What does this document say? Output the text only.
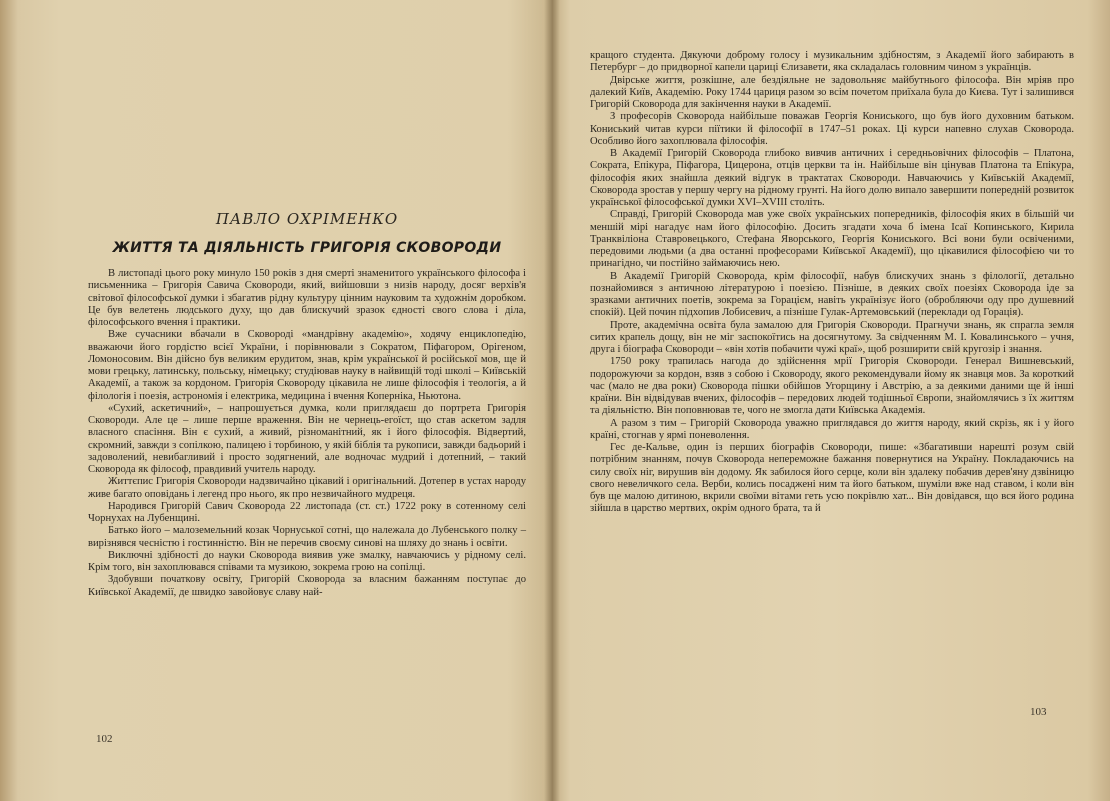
ПАВЛО ОХРІМЕНКО
ЖИТТЯ ТА ДІЯЛЬНІСТЬ ГРИГОРІЯ СКОВОРОДИ

В листопаді цього року минуло 150 років з дня смерті знаменитого українського філософа і письменника – Григорія Савича Сковороди, який, вийшовши з низів народу, досяг верхів'я світової філософської думки і збагатив рідну культуру цінним науковим та художнім доробком. Це був велетень людського духу, що дав блискучий зразок єдності свого слова і діла, філософського вчення і практики.

Вже сучасники вбачали в Сковороді «мандрівну академію», ходячу енциклопедію, вважаючи його гордістю всієї України, і порівнювали з Сократом, Піфагором, Орігеном, Ломоносовим. Він дійсно був великим ерудитом, знав, крім української й російської мов, ще й мови грецьку, латинську, польську, німецьку; студіював науку в найвищій тоді школі – Київській Академії, а також за кордоном. Григорія Сковороду цікавила не лише філософія і теологія, а й філологія і поезія, астрономія і електрика, медицина і вчення Коперніка, Ньютона.

«Сухий, аскетичний», – напрошується думка, коли приглядаєш до портрета Григорія Сковороди. Але це – лише перше враження. Він не чернець-егоїст, що став аскетом задля власного спасіння. Він є сухий, а живий, різноманітний, як і його філософія. Відвертий, скромний, завжди з сопілкою, палицею і торбиною, у якій біблія та рукописи, завжди бадьорий і задоволений, невибагливий і просто зодягнений, але водночас мудрий і дотепний, – такий Сковорода як філософ, правдивий учитель народу.

Життєпис Григорія Сковороди надзвичайно цікавий і оригінальний. Дотепер в устах народу живе багато оповідань і легенд про нього, як про незвичайного мудреця.

Народився Григорій Савич Сковорода 22 листопада (ст. ст.) 1722 року в сотенному селі Чорнухах на Лубенщині.

Батько його – малоземельний козак Чорнуської сотні, що належала до Лубенського полку – вирізнявся чесністю і гостинністю. Він не перечив своєму синові на шляху до знань і освіти.

Виключні здібності до науки Сковорода виявив уже змалку, навчаючись у рідному селі. Крім того, він захоплювався співами та музикою, зокрема грою на сопілці.

Здобувши початкову освіту, Григорій Сковорода за власним бажанням поступає до Київської Академії, де швидко завойовує славу най-

102

кращого студента. Дякуючи доброму голосу і музикальним здібностям, з Академії його забирають в Петербург – до придворної капели цариці Єлизавети, яка складалась головним чином з українців.

Двірське життя, розкішне, але бездіяльне не задовольняє майбутнього філософа. Він мріяв про далекий Київ, Академію. Року 1744 цариця разом зо всім почетом приїхала була до Києва. Тут і залишився Григорій Сковорода для закінчення науки в Академії.

З професорів Сковорода найбільше поважав Георгія Кониського, що був його духовним батьком. Кониський читав курси піїтики й філософії в 1747–51 роках. Ці курси напевно слухав Сковорода. Особливо його захоплювала філософія.

В Академії Григорій Сковорода глибоко вивчив античних і середньовічних філософів – Платона, Сократа, Епікура, Піфагора, Цицерона, отців церкви та ін. Найбільше він цінував Платона та Епікура, філософія яких знайшла деякий відгук в трактатах Сковороди. Навчаючись у Київській Академії, Сковорода зростав у першу чергу на рідному грунті. На його долю випало завершити попередній розвиток української філософської думки XVI–XVIII століть.

Справді, Григорій Сковорода мав уже своїх українських попередників, філософія яких в більшій чи меншій мірі нагадує нам його філософію. Досить згадати хоча б імена Ісаї Копинського, Кирила Транквіліона Ставровецького, Стефана Яворського, Георгія Кониського. Всі вони були освіченими, передовими людьми (а два останні професорами Київської Академії), що цікавилися філософією чи то принагідно, чи постійно займаючись нею.

В Академії Григорій Сковорода, крім філософії, набув блискучих знань з філології, детально познайомився з античною літературою і поезією. Пізніше, в деяких своїх поезіях Сковорода іде за зразками античних поетів, зокрема за Горацієм, навіть українізує його (обробляючи оду про душевний спокій). Цей почин підхопив Лобисевич, а пізніше Гулак-Артемовський (переклади од Горація).

Проте, академічна освіта була замалою для Григорія Сковороди. Прагнучи знань, як спрагла земля ситих крапель дощу, він не міг заспокоїтись на досягнутому. За свідченням М. І. Ковалинського – учня, друга і біографа Сковороди – «він хотів побачити чужі краї», щоб розширити свій кругозір і знання.

1750 року трапилась нагода до здійснення мрії Григорія Сковороди. Генерал Вишневський, подорожуючи за кордон, взяв з собою і Сковороду, якого рекомендували йому як знавця мов. За короткий час (мало не два роки) Сковорода пішки обійшов Угорщину і Австрію, а за деякими даними ще й інші країни. Він відвідував вчених, філософів – передових людей тодішньої Європи, знайомлячись з їх життям та діяльністю. Він поповнював те, чого не змогла дати Київська Академія.

А разом з тим – Григорій Сковорода уважно приглядався до життя народу, який скрізь, як і у його країні, стогнав у ярмі поневолення.

Гес де-Кальве, один із перших біографів Сковороди, пише: «Збагативши нарешті розум свій потрібним знанням, почув Сковорода непереможне бажання повернутися на Україну. Покладаючись на силу своїх ніг, вирушив він додому. Як забилося його серце, коли він здалеку побачив дерев'яну дзвіницю свого невеличкого села. Верби, колись посаджені ним та його батьком, шуміли вже над ставом, і коли він був ще малою дитиною, вкрили своїми вітами геть усю покрівлю хат... Він довідався, що вся його родина зійшла в царство мертвих, окрім одного брата, та й

103
